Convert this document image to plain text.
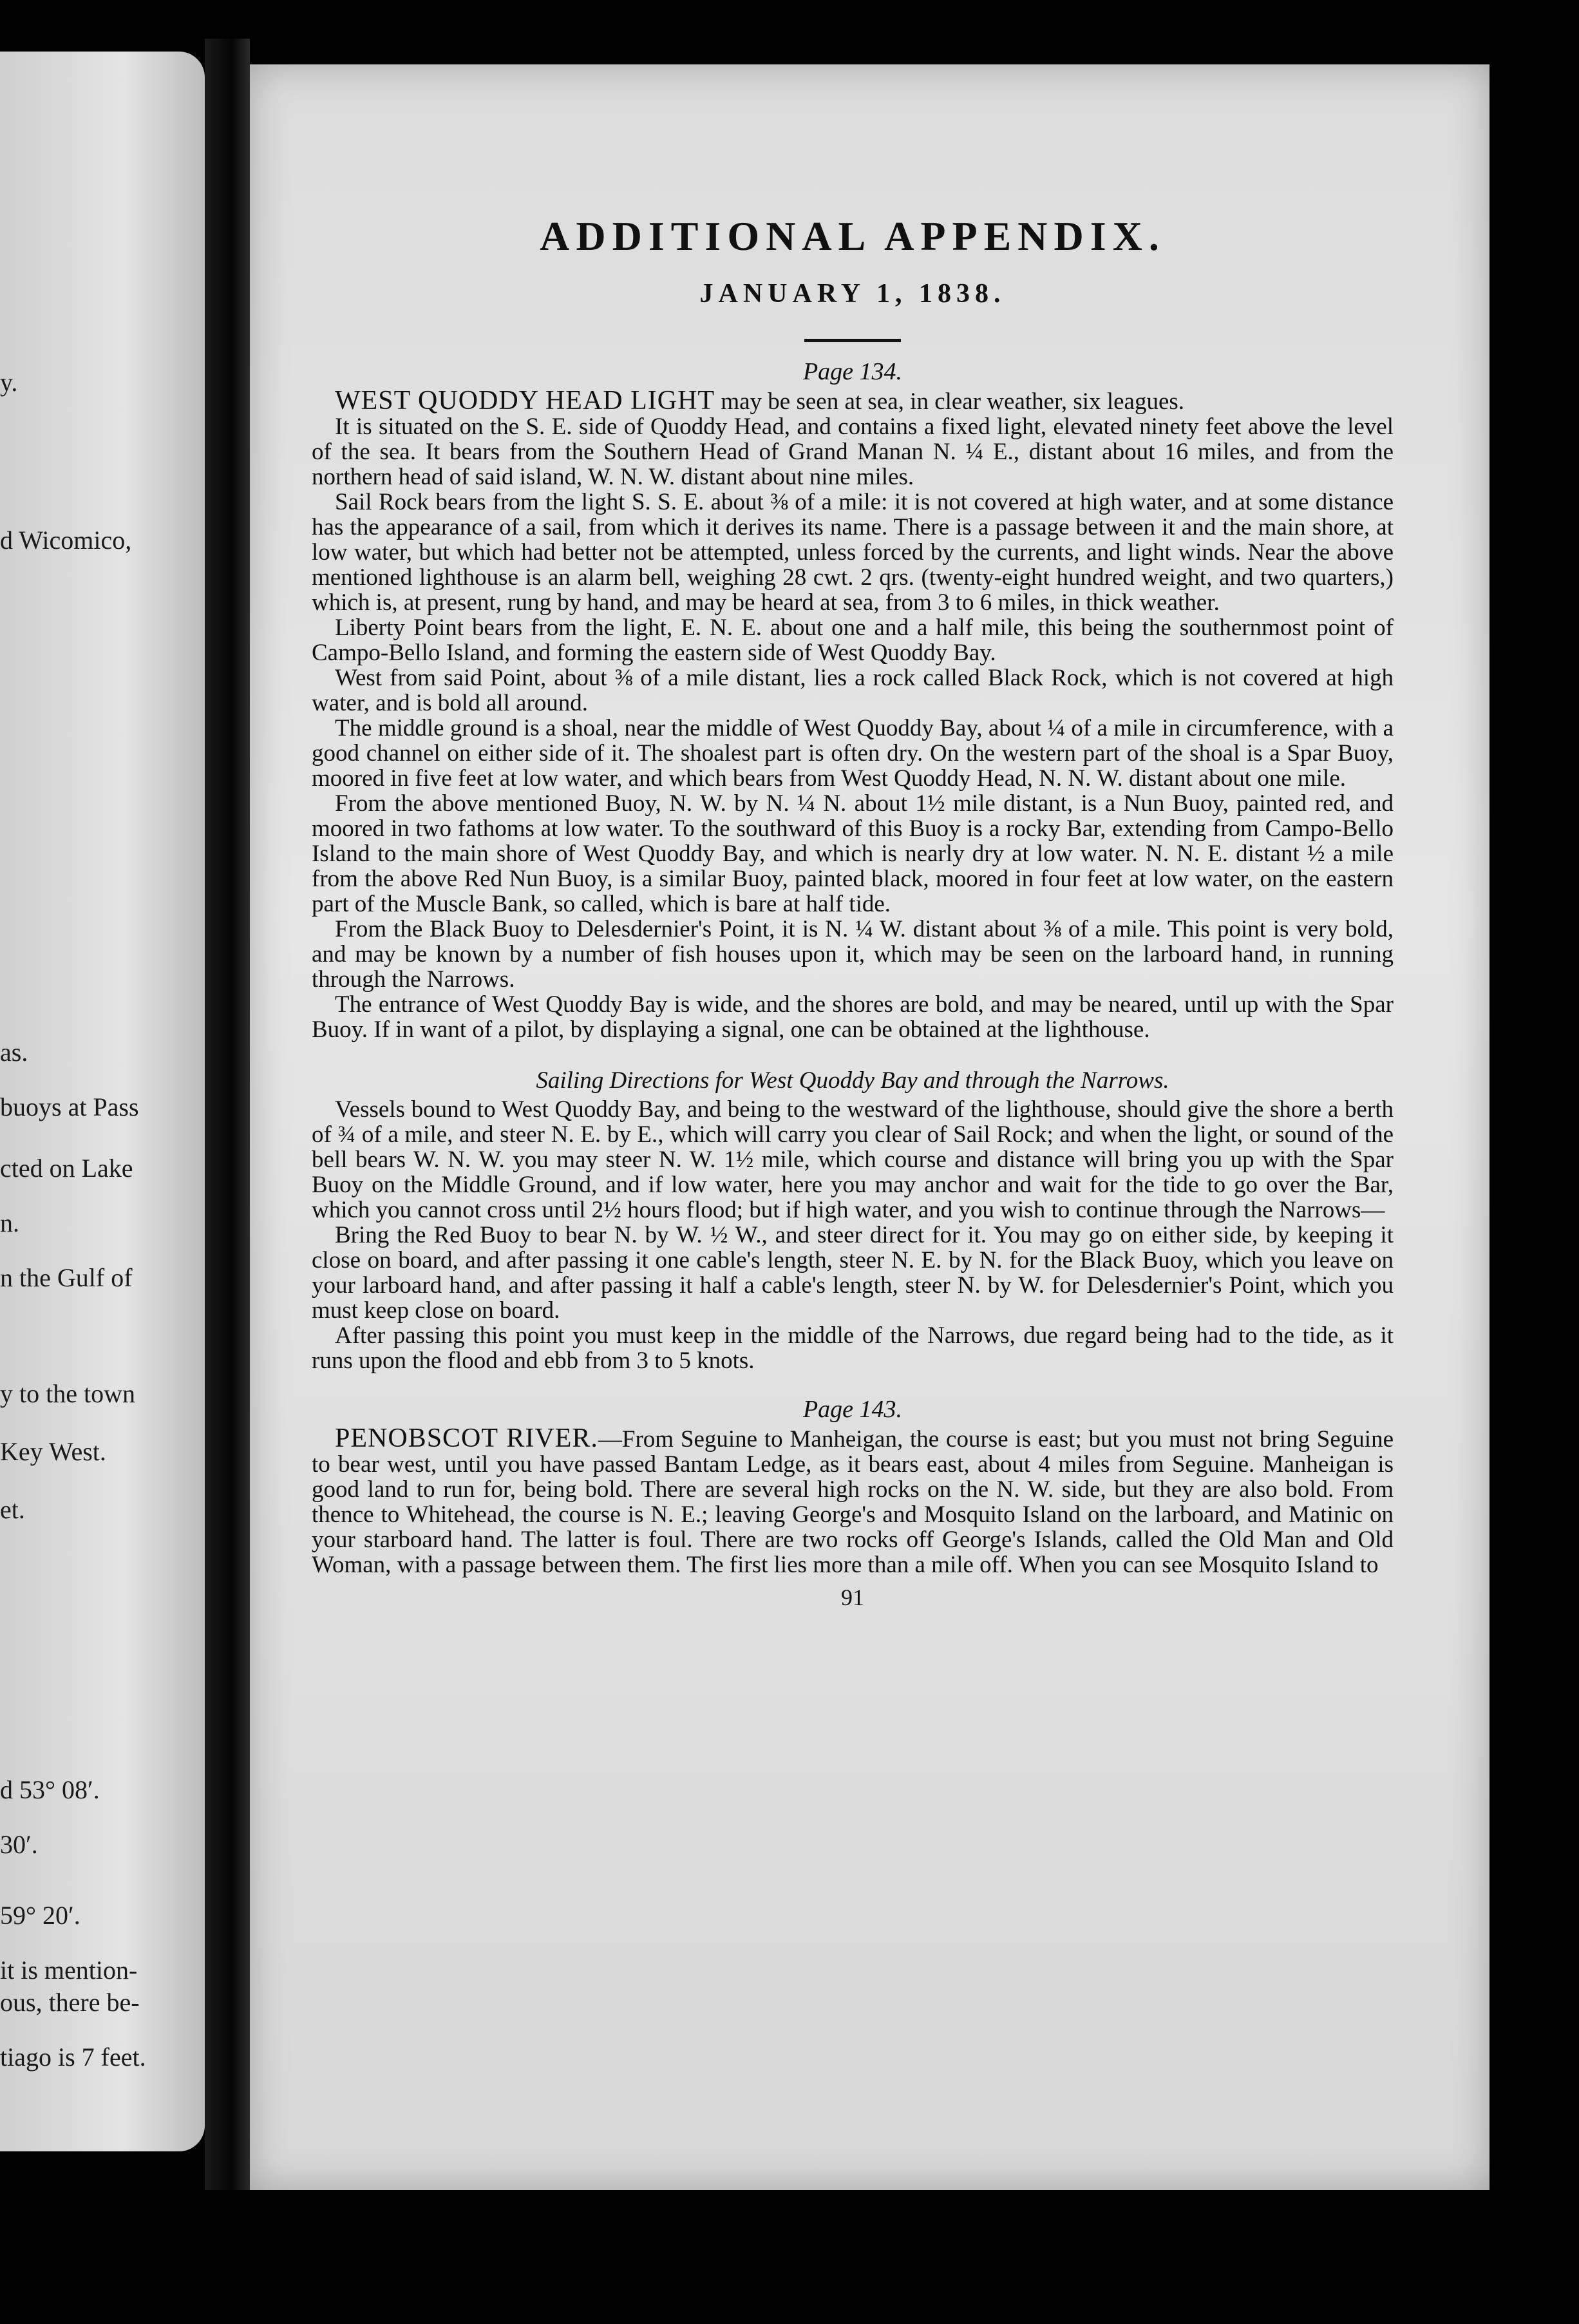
y.
d Wicomico,
as.
buoys at Pass
cted on Lake
n.
n the Gulf of
y to the town
Key West.
et.
d 53° 08′.
30′.
59° 20′.
it is mention-
ous, there be-
tiago is 7 feet.
ADDITIONAL APPENDIX.
JANUARY 1, 1838.
Page 134.

WEST QUODDY HEAD LIGHT may be seen at sea, in clear weather, six leagues.

It is situated on the S. E. side of Quoddy Head, and contains a fixed light, elevated ninety feet above the level of the sea. It bears from the Southern Head of Grand Manan N. ¼ E., distant about 16 miles, and from the northern head of said island, W. N. W. distant about nine miles.

Sail Rock bears from the light S. S. E. about ⅜ of a mile: it is not covered at high water, and at some distance has the appearance of a sail, from which it derives its name. There is a passage between it and the main shore, at low water, but which had better not be attempted, unless forced by the currents, and light winds. Near the above mentioned lighthouse is an alarm bell, weighing 28 cwt. 2 qrs. (twenty-eight hundred weight, and two quarters,) which is, at present, rung by hand, and may be heard at sea, from 3 to 6 miles, in thick weather.

Liberty Point bears from the light, E. N. E. about one and a half mile, this being the southernmost point of Campo-Bello Island, and forming the eastern side of West Quoddy Bay.

West from said Point, about ⅜ of a mile distant, lies a rock called Black Rock, which is not covered at high water, and is bold all around.

The middle ground is a shoal, near the middle of West Quoddy Bay, about ¼ of a mile in circumference, with a good channel on either side of it. The shoalest part is often dry. On the western part of the shoal is a Spar Buoy, moored in five feet at low water, and which bears from West Quoddy Head, N. N. W. distant about one mile.

From the above mentioned Buoy, N. W. by N. ¼ N. about 1½ mile distant, is a Nun Buoy, painted red, and moored in two fathoms at low water. To the southward of this Buoy is a rocky Bar, extending from Campo-Bello Island to the main shore of West Quoddy Bay, and which is nearly dry at low water. N. N. E. distant ½ a mile from the above Red Nun Buoy, is a similar Buoy, painted black, moored in four feet at low water, on the eastern part of the Muscle Bank, so called, which is bare at half tide.

From the Black Buoy to Delesdernier's Point, it is N. ¼ W. distant about ⅜ of a mile. This point is very bold, and may be known by a number of fish houses upon it, which may be seen on the larboard hand, in running through the Narrows.

The entrance of West Quoddy Bay is wide, and the shores are bold, and may be neared, until up with the Spar Buoy. If in want of a pilot, by displaying a signal, one can be obtained at the lighthouse.

Sailing Directions for West Quoddy Bay and through the Narrows.

Vessels bound to West Quoddy Bay, and being to the westward of the lighthouse, should give the shore a berth of ¾ of a mile, and steer N. E. by E., which will carry you clear of Sail Rock; and when the light, or sound of the bell bears W. N. W. you may steer N. W. 1½ mile, which course and distance will bring you up with the Spar Buoy on the Middle Ground, and if low water, here you may anchor and wait for the tide to go over the Bar, which you cannot cross until 2½ hours flood; but if high water, and you wish to continue through the Narrows—

Bring the Red Buoy to bear N. by W. ½ W., and steer direct for it. You may go on either side, by keeping it close on board, and after passing it one cable's length, steer N. E. by N. for the Black Buoy, which you leave on your larboard hand, and after passing it half a cable's length, steer N. by W. for Delesdernier's Point, which you must keep close on board.

After passing this point you must keep in the middle of the Narrows, due regard being had to the tide, as it runs upon the flood and ebb from 3 to 5 knots.

Page 143.

PENOBSCOT RIVER.—From Seguine to Manheigan, the course is east; but you must not bring Seguine to bear west, until you have passed Bantam Ledge, as it bears east, about 4 miles from Seguine. Manheigan is good land to run for, being bold. There are several high rocks on the N. W. side, but they are also bold. From thence to Whitehead, the course is N. E.; leaving George's and Mosquito Island on the larboard, and Matinic on your starboard hand. The latter is foul. There are two rocks off George's Islands, called the Old Man and Old Woman, with a passage between them. The first lies more than a mile off. When you can see Mosquito Island to

91
